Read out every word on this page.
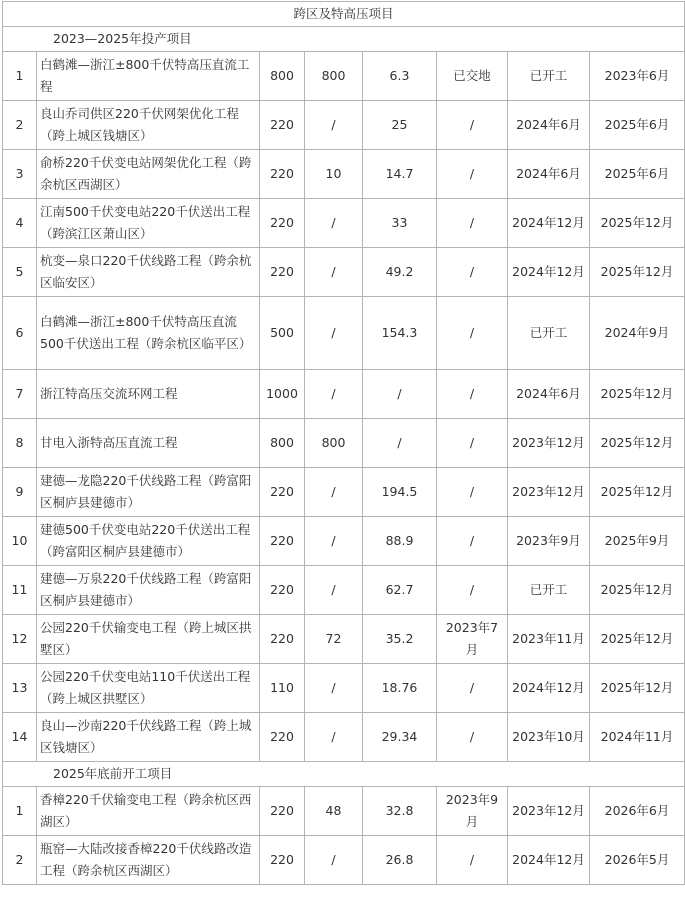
跨区及特高压项目							
2023—2025年投产项目							
1	白鹤滩—浙江±800千伏特高压直流工程	800	800	6.3	已交地	已开工	2023年6月
2	良山乔司供区220千伏网架优化工程（跨上城区钱塘区）	220	/	25	/	2024年6月	2025年6月
3	俞桥220千伏变电站网架优化工程（跨余杭区西湖区）	220	10	14.7	/	2024年6月	2025年6月
4	江南500千伏变电站220千伏送出工程（跨滨江区萧山区）	220	/	33	/	2024年12月	2025年12月
5	杭变—泉口220千伏线路工程（跨余杭区临安区）	220	/	49.2	/	2024年12月	2025年12月
6	白鹤滩—浙江±800千伏特高压直流500千伏送出工程（跨余杭区临平区）	500	/	154.3	/	已开工	2024年9月
7	浙江特高压交流环网工程	1000	/	/	/	2024年6月	2025年12月
8	甘电入浙特高压直流工程	800	800	/	/	2023年12月	2025年12月
9	建德—龙隐220千伏线路工程（跨富阳区桐庐县建德市）	220	/	194.5	/	2023年12月	2025年12月
10	建德500千伏变电站220千伏送出工程（跨富阳区桐庐县建德市）	220	/	88.9	/	2023年9月	2025年9月
11	建德—万泉220千伏线路工程（跨富阳区桐庐县建德市）	220	/	62.7	/	已开工	2025年12月
12	公园220千伏输变电工程（跨上城区拱墅区）	220	72	35.2	2023年7月	2023年11月	2025年12月
13	公园220千伏变电站110千伏送出工程（跨上城区拱墅区）	110	/	18.76	/	2024年12月	2025年12月
14	良山—沙南220千伏线路工程（跨上城区钱塘区）	220	/	29.34	/	2023年10月	2024年11月
2025年底前开工项目							
1	香樟220千伏输变电工程（跨余杭区西湖区）	220	48	32.8	2023年9月	2023年12月	2026年6月
2	瓶窑—大陆改接香樟220千伏线路改造工程（跨余杭区西湖区）	220	/	26.8	/	2024年12月	2026年5月
